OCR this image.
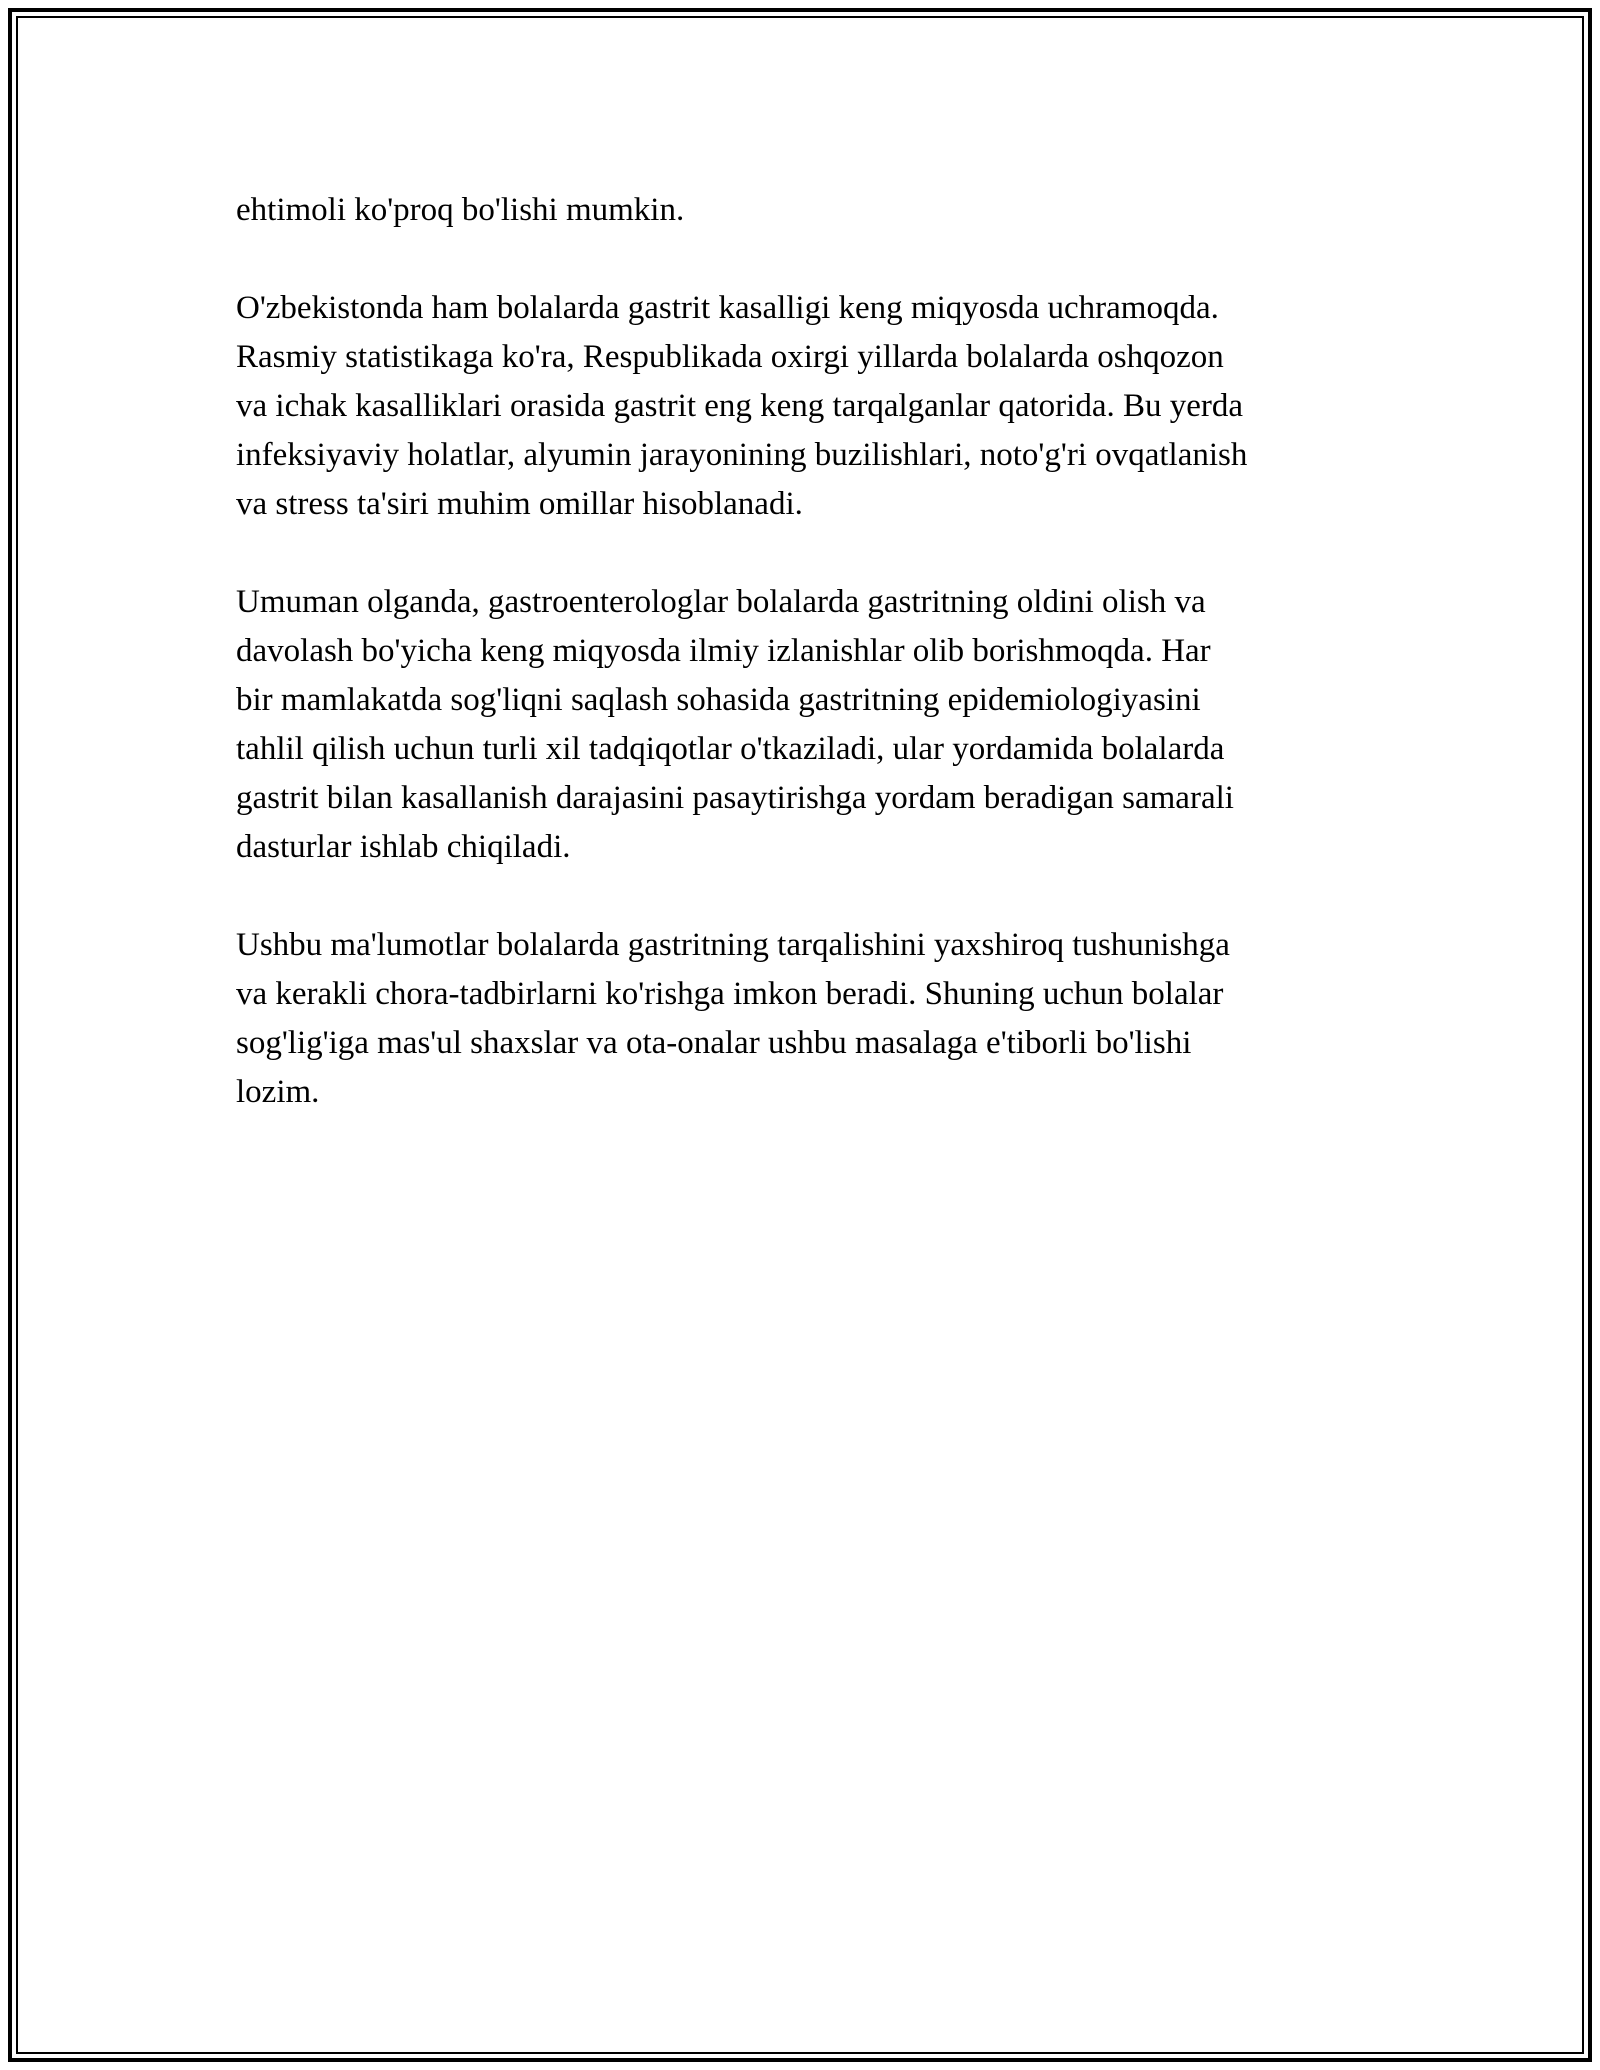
ehtimoli ko'proq bo'lishi mumkin.

O'zbekistonda ham bolalarda gastrit kasalligi keng miqyosda uchramoqda.
Rasmiy statistikaga ko'ra, Respublikada oxirgi yillarda bolalarda oshqozon
va ichak kasalliklari orasida gastrit eng keng tarqalganlar qatorida. Bu yerda
infeksiyaviy holatlar, alyumin jarayonining buzilishlari, noto'g'ri ovqatlanish
va stress ta'siri muhim omillar hisoblanadi.

Umuman olganda, gastroenterologlar bolalarda gastritning oldini olish va
davolash bo'yicha keng miqyosda ilmiy izlanishlar olib borishmoqda. Har
bir mamlakatda sog'liqni saqlash sohasida gastritning epidemiologiyasini
tahlil qilish uchun turli xil tadqiqotlar o'tkaziladi, ular yordamida bolalarda
gastrit bilan kasallanish darajasini pasaytirishga yordam beradigan samarali
dasturlar ishlab chiqiladi.

Ushbu ma'lumotlar bolalarda gastritning tarqalishini yaxshiroq tushunishga
va kerakli chora-tadbirlarni ko'rishga imkon beradi. Shuning uchun bolalar
sog'lig'iga mas'ul shaxslar va ota-onalar ushbu masalaga e'tiborli bo'lishi
lozim.
